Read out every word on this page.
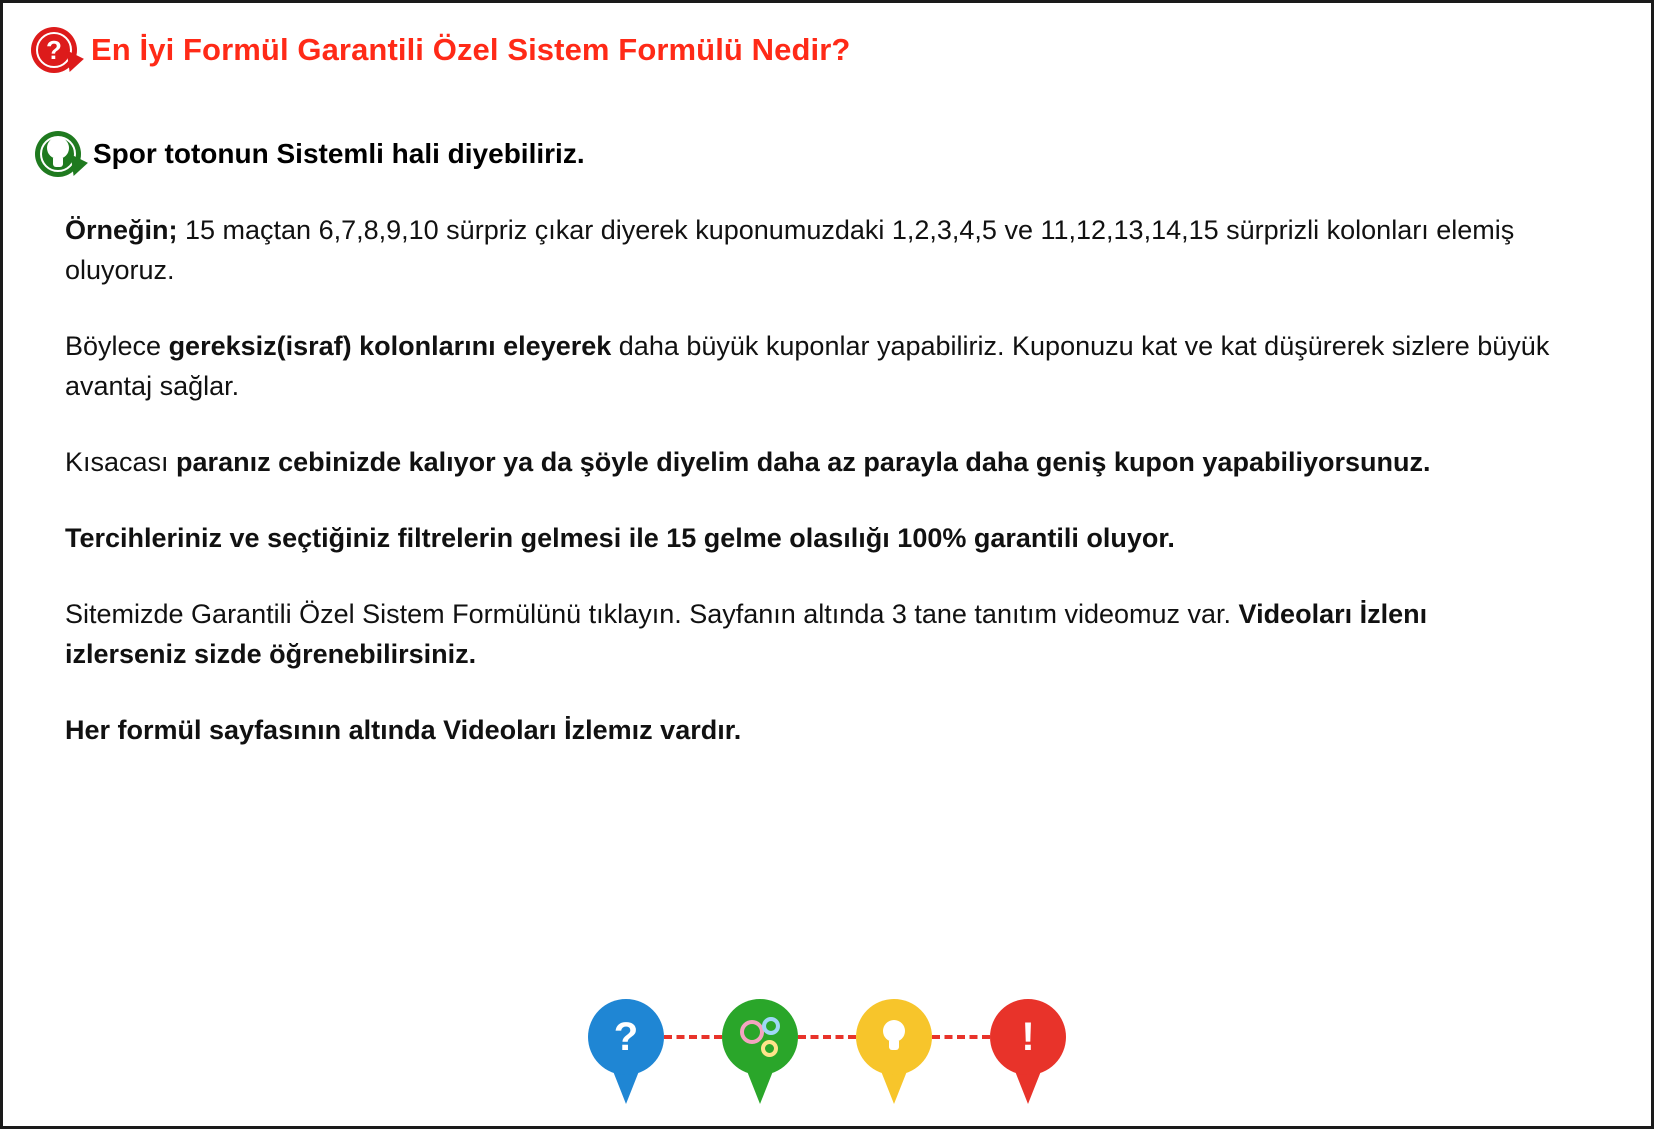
? En İyi Formül Garantili Özel Sistem Formülü Nedir?
Spor totonun Sistemli hali diyebiliriz.

Örneğin; 15 maçtan 6,7,8,9,10 sürpriz çıkar diyerek kuponumuzdaki 1,2,3,4,5 ve 11,12,13,14,15 sürprizli kolonları elemiş oluyoruz.

Böylece gereksiz(israf) kolonlarını eleyerek daha büyük kuponlar yapabiliriz. Kuponuzu kat ve kat düşürerek sizlere büyük avantaj sağlar.

Kısacası paranız cebinizde kalıyor ya da şöyle diyelim daha az parayla daha geniş kupon yapabiliyorsunuz.

Tercihleriniz ve seçtiğiniz filtrelerin gelmesi ile 15 gelme olasılığı 100% garantili oluyor.

Sitemizde Garantili Özel Sistem Formülünü tıklayın. Sayfanın altında 3 tane tanıtım videomuz var. Videoları İzlenı izlerseniz sizde öğrenebilirsiniz.

Her formül sayfasının altında Videoları İzlemız vardır.

?	!
